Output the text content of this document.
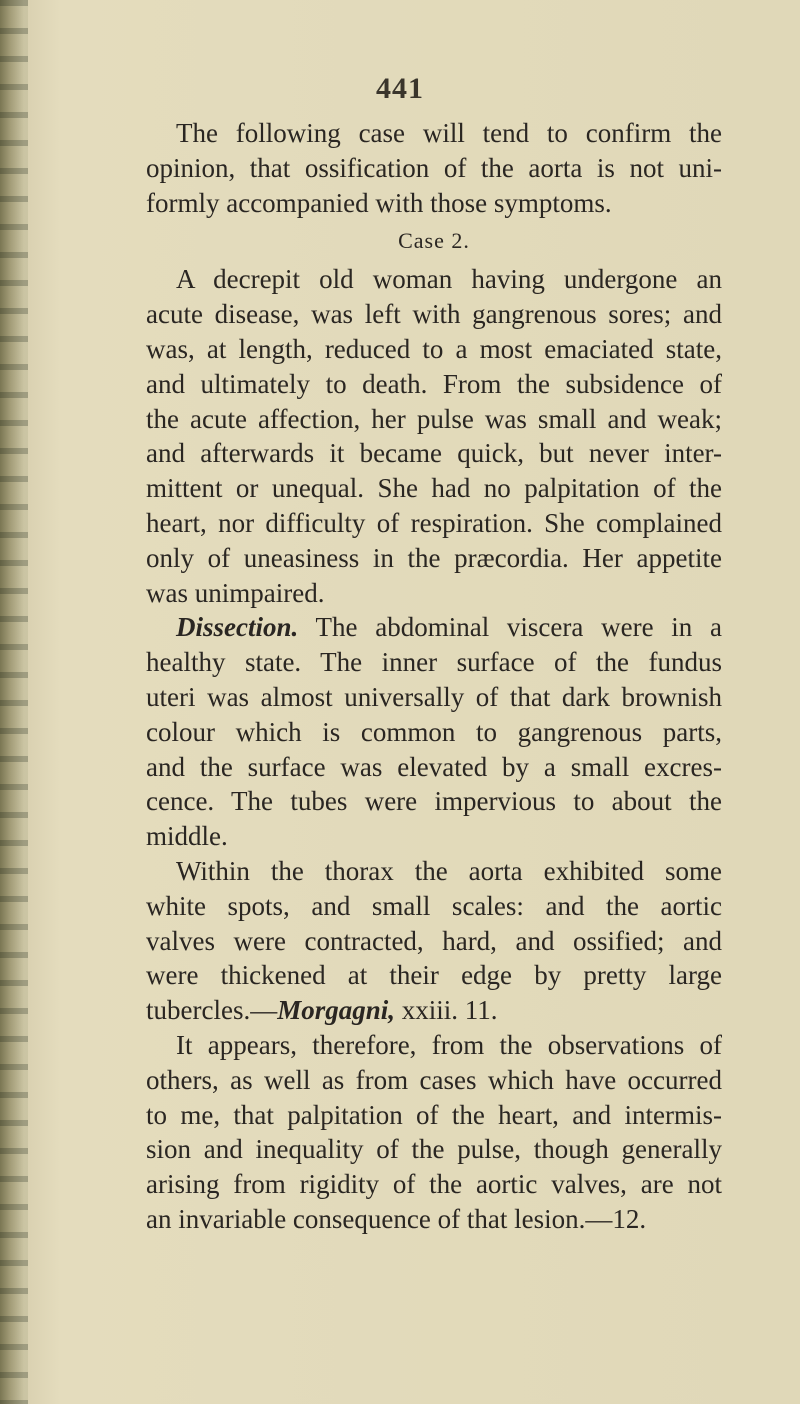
441
The following case will tend to confirm the
opinion, that ossification of the aorta is not uni-
formly accompanied with those symptoms.
Case 2.
A decrepit old woman having undergone an
acute disease, was left with gangrenous sores; and
was, at length, reduced to a most emaciated state,
and ultimately to death. From the subsidence of
the acute affection, her pulse was small and weak;
and afterwards it became quick, but never inter-
mittent or unequal. She had no palpitation of the
heart, nor difficulty of respiration. She complained
only of uneasiness in the præcordia. Her appetite
was unimpaired.
Dissection. The abdominal viscera were in a
healthy state. The inner surface of the fundus
uteri was almost universally of that dark brownish
colour which is common to gangrenous parts,
and the surface was elevated by a small excres-
cence. The tubes were impervious to about the
middle.
Within the thorax the aorta exhibited some
white spots, and small scales: and the aortic
valves were contracted, hard, and ossified; and
were thickened at their edge by pretty large
tubercles.—Morgagni, xxiii. 11.
It appears, therefore, from the observations of
others, as well as from cases which have occurred
to me, that palpitation of the heart, and intermis-
sion and inequality of the pulse, though generally
arising from rigidity of the aortic valves, are not
an invariable consequence of that lesion.—12.
